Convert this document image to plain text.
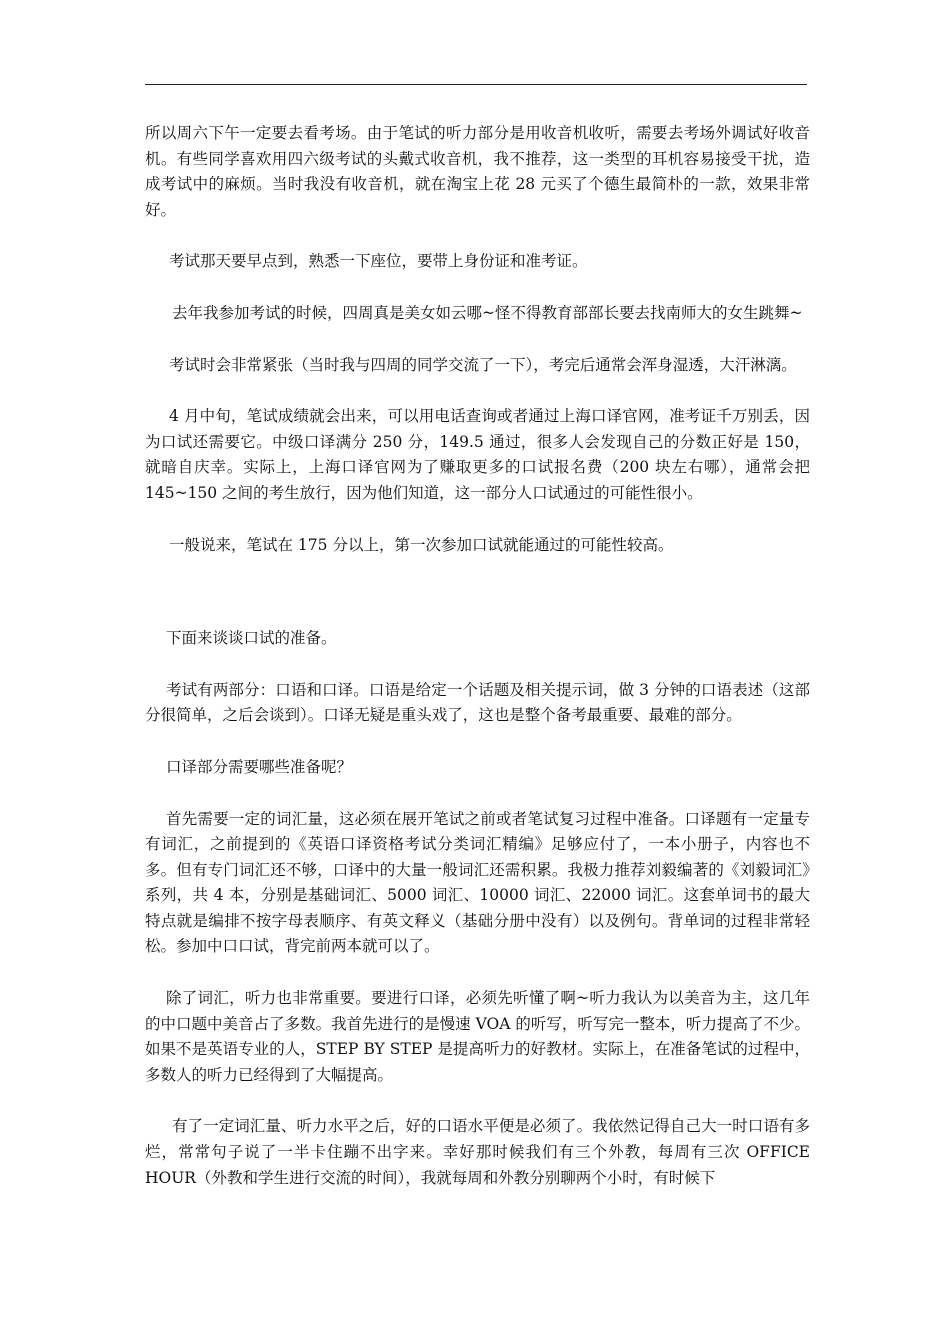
所以周六下午一定要去看考场。由于笔试的听力部分是用收音机收听，需要去考场外调试好收音机。有些同学喜欢用四六级考试的头戴式收音机，我不推荐，这一类型的耳机容易接受干扰，造成考试中的麻烦。当时我没有收音机，就在淘宝上花 28 元买了个德生最简朴的一款，效果非常好。

考试那天要早点到，熟悉一下座位，要带上身份证和准考证。

去年我参加考试的时候，四周真是美女如云哪~怪不得教育部部长要去找南师大的女生跳舞~

考试时会非常紧张（当时我与四周的同学交流了一下），考完后通常会浑身湿透，大汗淋漓。

4 月中旬，笔试成绩就会出来，可以用电话查询或者通过上海口译官网，准考证千万别丢，因为口试还需要它。中级口译满分 250 分，149.5 通过，很多人会发现自己的分数正好是 150，就暗自庆幸。实际上，上海口译官网为了赚取更多的口试报名费（200 块左右哪），通常会把 145~150 之间的考生放行，因为他们知道，这一部分人口试通过的可能性很小。

一般说来，笔试在 175 分以上，第一次参加口试就能通过的可能性较高。

下面来谈谈口试的准备。

考试有两部分：口语和口译。口语是给定一个话题及相关提示词，做 3 分钟的口语表述（这部分很简单，之后会谈到）。口译无疑是重头戏了，这也是整个备考最重要、最难的部分。

口译部分需要哪些准备呢？

首先需要一定的词汇量，这必须在展开笔试之前或者笔试复习过程中准备。口译题有一定量专有词汇，之前提到的《英语口译资格考试分类词汇精编》足够应付了，一本小册子，内容也不多。但有专门词汇还不够，口译中的大量一般词汇还需积累。我极力推荐刘毅编著的《刘毅词汇》系列，共 4 本，分别是基础词汇、5000 词汇、10000 词汇、22000 词汇。这套单词书的最大特点就是编排不按字母表顺序、有英文释义（基础分册中没有）以及例句。背单词的过程非常轻松。参加中口口试，背完前两本就可以了。

除了词汇，听力也非常重要。要进行口译，必须先听懂了啊~听力我认为以美音为主，这几年的中口题中美音占了多数。我首先进行的是慢速 VOA 的听写，听写完一整本，听力提高了不少。如果不是英语专业的人，STEP BY STEP 是提高听力的好教材。实际上，在准备笔试的过程中，多数人的听力已经得到了大幅提高。

有了一定词汇量、听力水平之后，好的口语水平便是必须了。我依然记得自己大一时口语有多烂，常常句子说了一半卡住蹦不出字来。幸好那时候我们有三个外教，每周有三次 OFFICE HOUR（外教和学生进行交流的时间），我就每周和外教分别聊两个小时，有时候下
